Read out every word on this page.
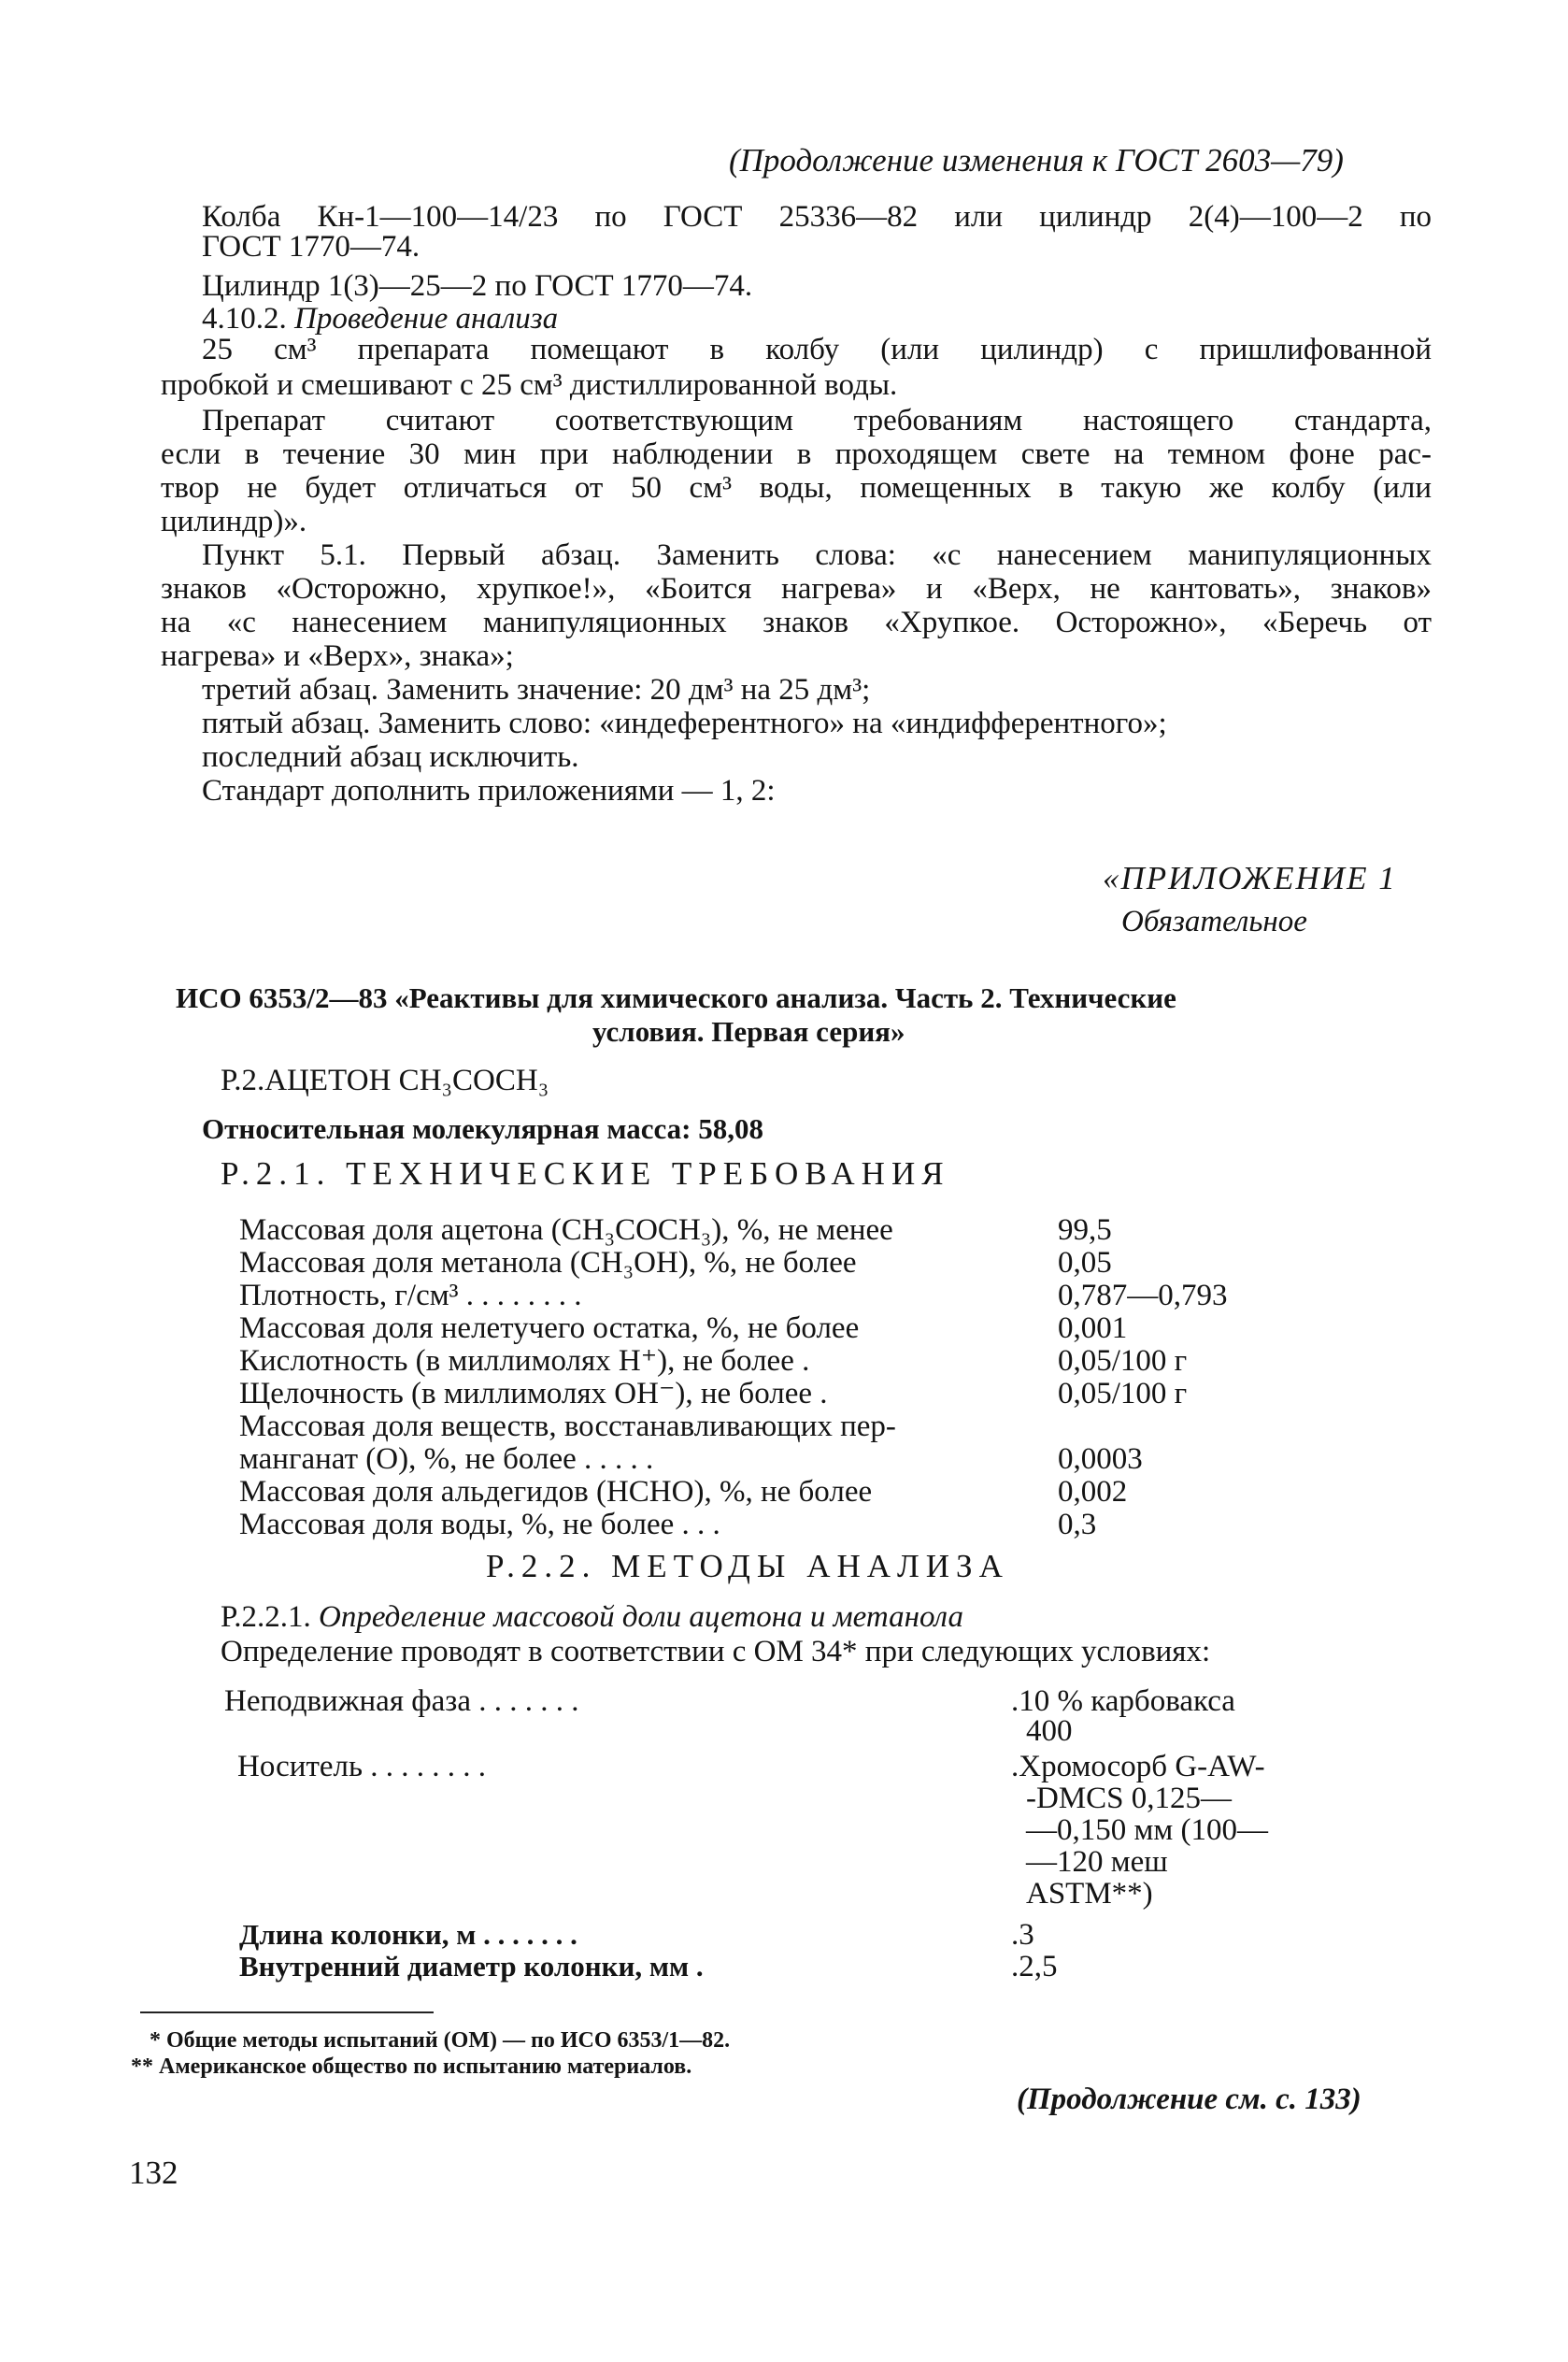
(Продолжение изменения к ГОСТ 2603—79)
Колба Кн-1—100—14/23 по ГОСТ 25336—82 или цилиндр 2(4)—100—2 по
ГОСТ 1770—74.
Цилиндр 1(3)—25—2 по ГОСТ 1770—74.
4.10.2. Проведение анализа
25 см³ препарата помещают в колбу (или цилиндр) с пришлифованной
пробкой и смешивают с 25 см³ дистиллированной воды.
Препарат считают соответствующим требованиям настоящего стандарта,
если в течение 30 мин при наблюдении в проходящем свете на темном фоне рас-
твор не будет отличаться от 50 см³ воды, помещенных в такую же колбу (или
цилиндр)».
Пункт 5.1. Первый абзац. Заменить слова: «с нанесением манипуляционных
знаков «Осторожно, хрупкое!», «Боится нагрева» и «Верх, не кантовать», знаков»
на «с нанесением манипуляционных знаков «Хрупкое. Осторожно», «Беречь от
нагрева» и «Верх», знака»;
третий абзац. Заменить значение: 20 дм³ на 25 дм³;
пятый абзац. Заменить слово: «индеферентного» на «индифферентного»;
последний абзац исключить.
Стандарт дополнить приложениями — 1, 2:
«ПРИЛОЖЕНИЕ 1
Обязательное
ИСО 6353/2—83 «Реактивы для химического анализа. Часть 2. Технические
условия. Первая серия»
Р.2.АЦЕТОН CH₃COCH₃
Относительная молекулярная масса: 58,08
Р.2.1. ТЕХНИЧЕСКИЕ ТРЕБОВАНИЯ
Массовая доля ацетона (CH₃COCH₃), %, не менее	99,5
Массовая доля метанола (CH₃OH), %, не более	0,05
Плотность, г/см³ . . . . . . . .	0,787—0,793
Массовая доля нелетучего остатка, %, не более	0,001
Кислотность (в миллимолях H⁺), не более .	0,05/100 г
Щелочность (в миллимолях OH⁻), не более .	0,05/100 г
Массовая доля веществ, восстанавливающих пер-
манганат (O), %, не более . . . . .	0,0003
Массовая доля альдегидов (HCHO), %, не более	0,002
Массовая доля воды, %, не более . . .	0,3
Р.2.2. МЕТОДЫ АНАЛИЗА
Р.2.2.1. Определение массовой доли ацетона и метанола
Определение проводят в соответствии с ОМ 34* при следующих условиях:
Неподвижная фаза . . . . . . .	.10 % карбовакса
400
Носитель . . . . . . . .	.Хромосорб G-AW-
-DMCS 0,125—
—0,150 мм (100—
—120 меш
ASTM**)
Длина колонки, м . . . . . . .	.3
Внутренний диаметр колонки, мм .	.2,5
* Общие методы испытаний (ОМ) — по ИСО 6353/1—82.
** Американское общество по испытанию материалов.
(Продолжение см. с. 133)
132
